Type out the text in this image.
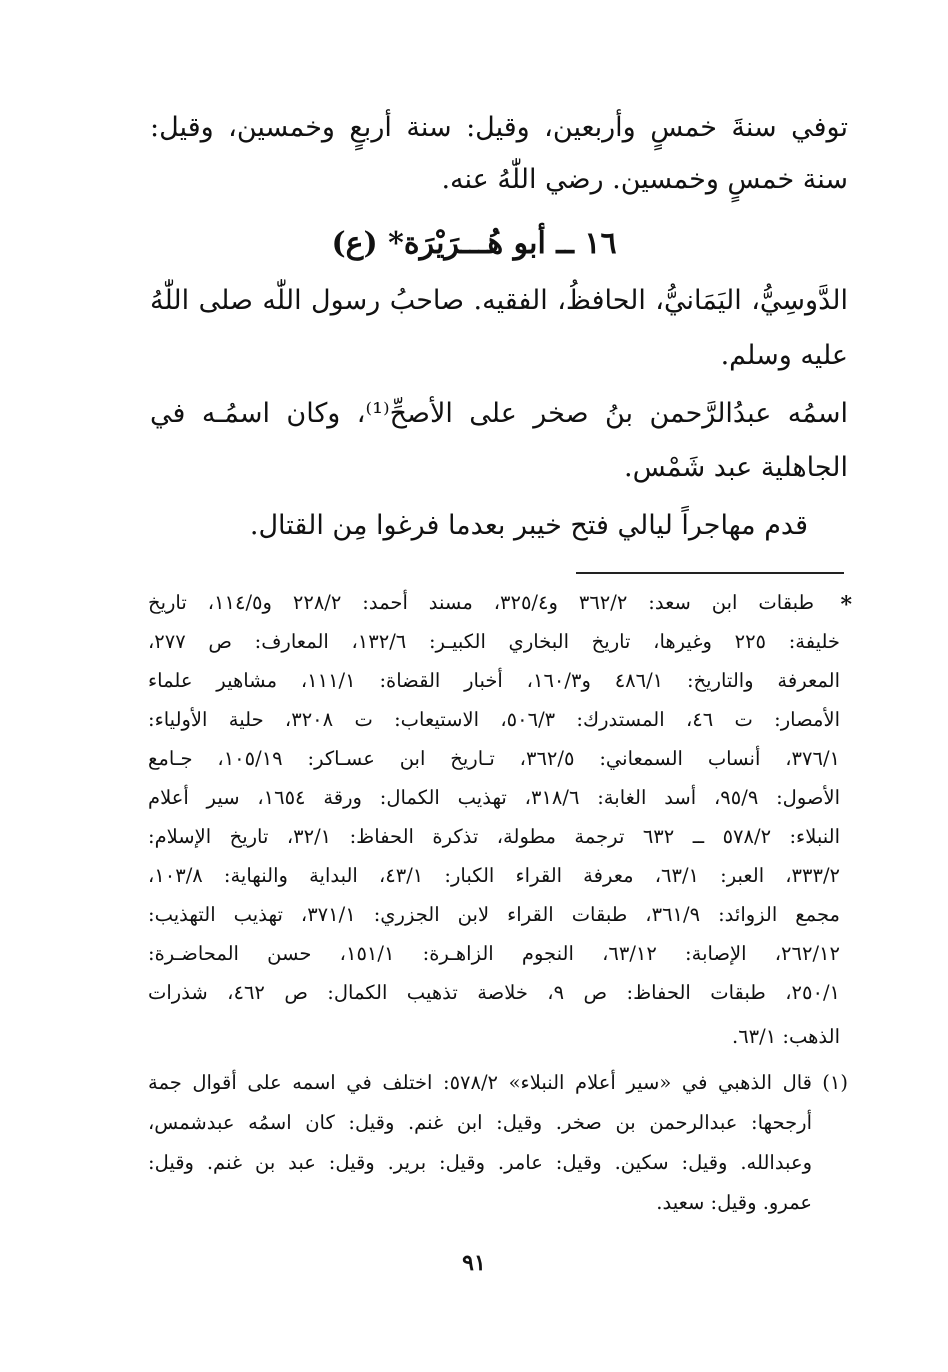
توفي سنةَ خمسٍ وأربعين، وقيل: سنة أربعٍ وخمسين، وقيل:
سنة خمسٍ وخمسين. رضي اللّٰهُ عنه.
١٦ ــ أبو هُـــرَيْرَة* (ع)
الدَّوسِيُّ، اليَمَانيُّ، الحافظُ، الفقيه. صاحبُ رسول اللّٰه صلى اللّٰهُ
عليه وسلم.
اسمُه عبدُالرَّحمن بنُ صخر على الأصحِّ⁽¹⁾، وكان اسمُـه في
الجاهلية عبد شَمْس.
قدم مهاجراً ليالي فتح خيبر بعدما فرغوا مِن القتال.
*
طبقات ابن سعد: ٣٦٢/٢ و٣٢٥/٤، مسند أحمد: ٢٢٨/٢ و١١٤/٥، تاريخ
خليفة: ٢٢٥ وغيرها، تاريخ البخاري الكبيـر: ١٣٢/٦، المعارف: ص ٢٧٧،
المعرفة والتاريخ: ٤٨٦/١ و١٦٠/٣، أخبار القضاة: ١١١/١، مشاهير علماء
الأمصار: ت ٤٦، المستدرك: ٥٠٦/٣، الاستيعاب: ت ٣٢٠٨، حلية الأولياء:
٣٧٦/١، أنساب السمعاني: ٣٦٢/٥، تـاريخ ابن عسـاكر: ١٠٥/١٩، جـامع
الأصول: ٩٥/٩، أسد الغابة: ٣١٨/٦، تهذيب الكمال: ورقة ١٦٥٤، سير أعلام
النبلاء: ٥٧٨/٢ ــ ٦٣٢ ترجمة مطولة، تذكرة الحفاظ: ٣٢/١، تاريخ الإسلام:
٣٣٣/٢، العبر: ٦٣/١، معرفة القراء الكبار: ٤٣/١، البداية والنهاية: ١٠٣/٨،
مجمع الزوائد: ٣٦١/٩، طبقات القراء لابن الجزري: ٣٧١/١، تهذيب التهذيب:
٢٦٢/١٢، الإصابة: ٦٣/١٢، النجوم الزاهـرة: ١٥١/١، حسن المحاضـرة:
٢٥٠/١، طبقات الحفاظ: ص ٩، خلاصة تذهيب الكمال: ص ٤٦٢، شذرات
الذهب: ٦٣/١.
(١)
قال الذهبي في «سير أعلام النبلاء» ٥٧٨/٢: اختلف في اسمه على أقوال جمة
أرجحها: عبدالرحمن بن صخر. وقيل: ابن غنم. وقيل: كان اسمُه عبدشمس،
وعبدالله. وقيل: سكين. وقيل: عامر. وقيل: برير. وقيل: عبد بن غنم. وقيل:
عمرو. وقيل: سعيد.
٩١
